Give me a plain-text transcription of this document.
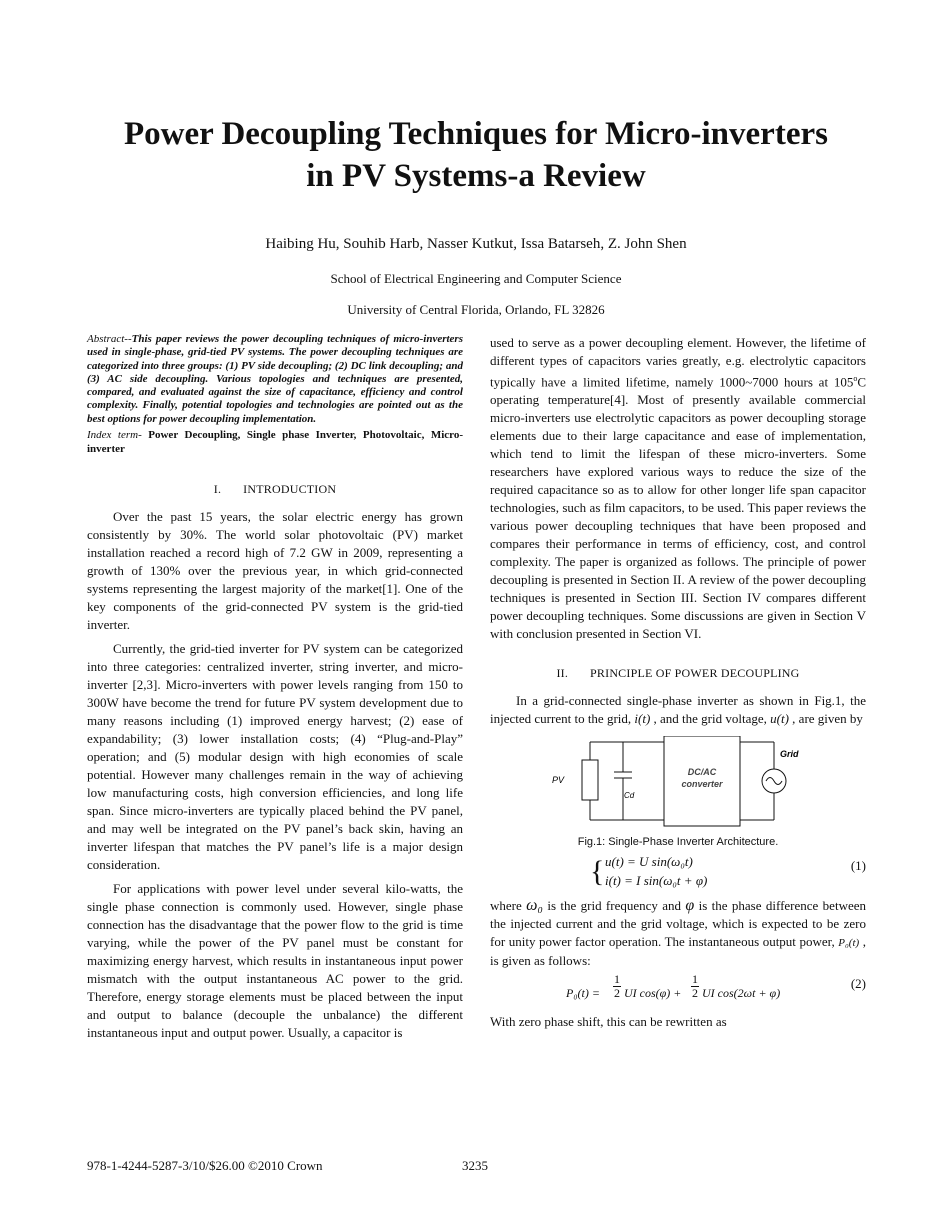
Power Decoupling Techniques for Micro-inverters
in PV Systems-a Review
Haibing Hu, Souhib Harb, Nasser Kutkut, Issa Batarseh, Z. John Shen
School of Electrical Engineering and Computer Science
University of Central Florida, Orlando, FL 32826

Abstract--This paper reviews the power decoupling techniques of micro-inverters used in single-phase, grid-tied PV systems. The power decoupling techniques are categorized into three groups: (1) PV side decoupling; (2) DC link decoupling; and (3) AC side decoupling. Various topologies and techniques are presented, compared, and evaluated against the size of capacitance, efficiency and control complexity. Finally, potential topologies and technologies are pointed out as the best options for power decoupling implementation.

Index term- Power Decoupling, Single phase Inverter, Photovoltaic, Micro-inverter

I. INTRODUCTION

Over the past 15 years, the solar electric energy has grown consistently by 30%. The world solar photovoltaic (PV) market installation reached a record high of 7.2 GW in 2009, representing a growth of 130% over the previous year, in which grid-connected systems representing the largest majority of the market[1]. One of the key components of the grid-connected PV system is the grid-tied inverter.

Currently, the grid-tied inverter for PV system can be categorized into three categories: centralized inverter, string inverter, and micro-inverter [2,3]. Micro-inverters with power levels ranging from 150 to 300W have become the trend for future PV system development due to many reasons including (1) improved energy harvest; (2) ease of expandability; (3) lower installation costs; (4) “Plug-and-Play” operation; and (5) modular design with high economies of scale potential. However many challenges remain in the way of achieving low manufacturing costs, high conversion efficiencies, and long life span. Since micro-inverters are typically placed behind the PV panel, and may well be integrated on the PV panel’s back skin, having an inverter lifespan that matches the PV panel’s life is a major design consideration.

For applications with power level under several kilo-watts, the single phase connection is commonly used. However, single phase connection has the disadvantage that the power flow to the grid is time varying, while the power of the PV panel must be constant for maximizing energy harvest, which results in instantaneous input power mismatch with the output instantaneous AC power to the grid. Therefore, energy storage elements must be placed between the input and output to balance (decouple the unbalance) the different instantaneous input and output power. Usually, a capacitor is

used to serve as a power decoupling element. However, the lifetime of different types of capacitors varies greatly, e.g. electrolytic capacitors typically have a limited lifetime, namely 1000~7000 hours at 105$^o$C operating temperature[4]. Most of presently available commercial micro-inverters use electrolytic capacitors as power decoupling storage elements due to their large capacitance and ease of implementation, which tend to limit the lifespan of these micro-inverters. Some researchers have explored various ways to reduce the size of the required capacitance so as to allow for other longer life span capacitor technologies, such as film capacitors, to be used. This paper reviews the various power decoupling techniques that have been proposed and compares their performance in terms of efficiency, cost, and control complexity. The paper is organized as follows. The principle of power decoupling is presented in Section II. A review of the power decoupling techniques is presented in Section III. Section IV compares different power decoupling techniques. Some discussions are given in Section V with conclusion presented in Section VI.

II. PRINCIPLE OF POWER DECOUPLING

In a grid-connected single-phase inverter as shown in Fig.1, the injected current to the grid, i(t) , and the grid voltage, u(t) , are given by

PV
Cd
DC/AC
converter
Grid
Fig.1: Single-Phase Inverter Architecture.
{ u(t) = U sin(ω₀t)
i(t) = I sin(ω₀t + φ)
(1)

where ω₀ is the grid frequency and φ is the phase difference between the injected current and the grid voltage, which is expected to be zero for unity power factor operation. The instantaneous output power, P₀(t) , is given as follows:

$P_0(t) = \frac{1}{2}$ UI $\cos(\varphi) + \frac{1}{2}$ UI cos(2ωt + φ)
(2)

With zero phase shift, this can be rewritten as

978-1-4244-5287-3/10/$26.00 ©2010 Crown	3235
